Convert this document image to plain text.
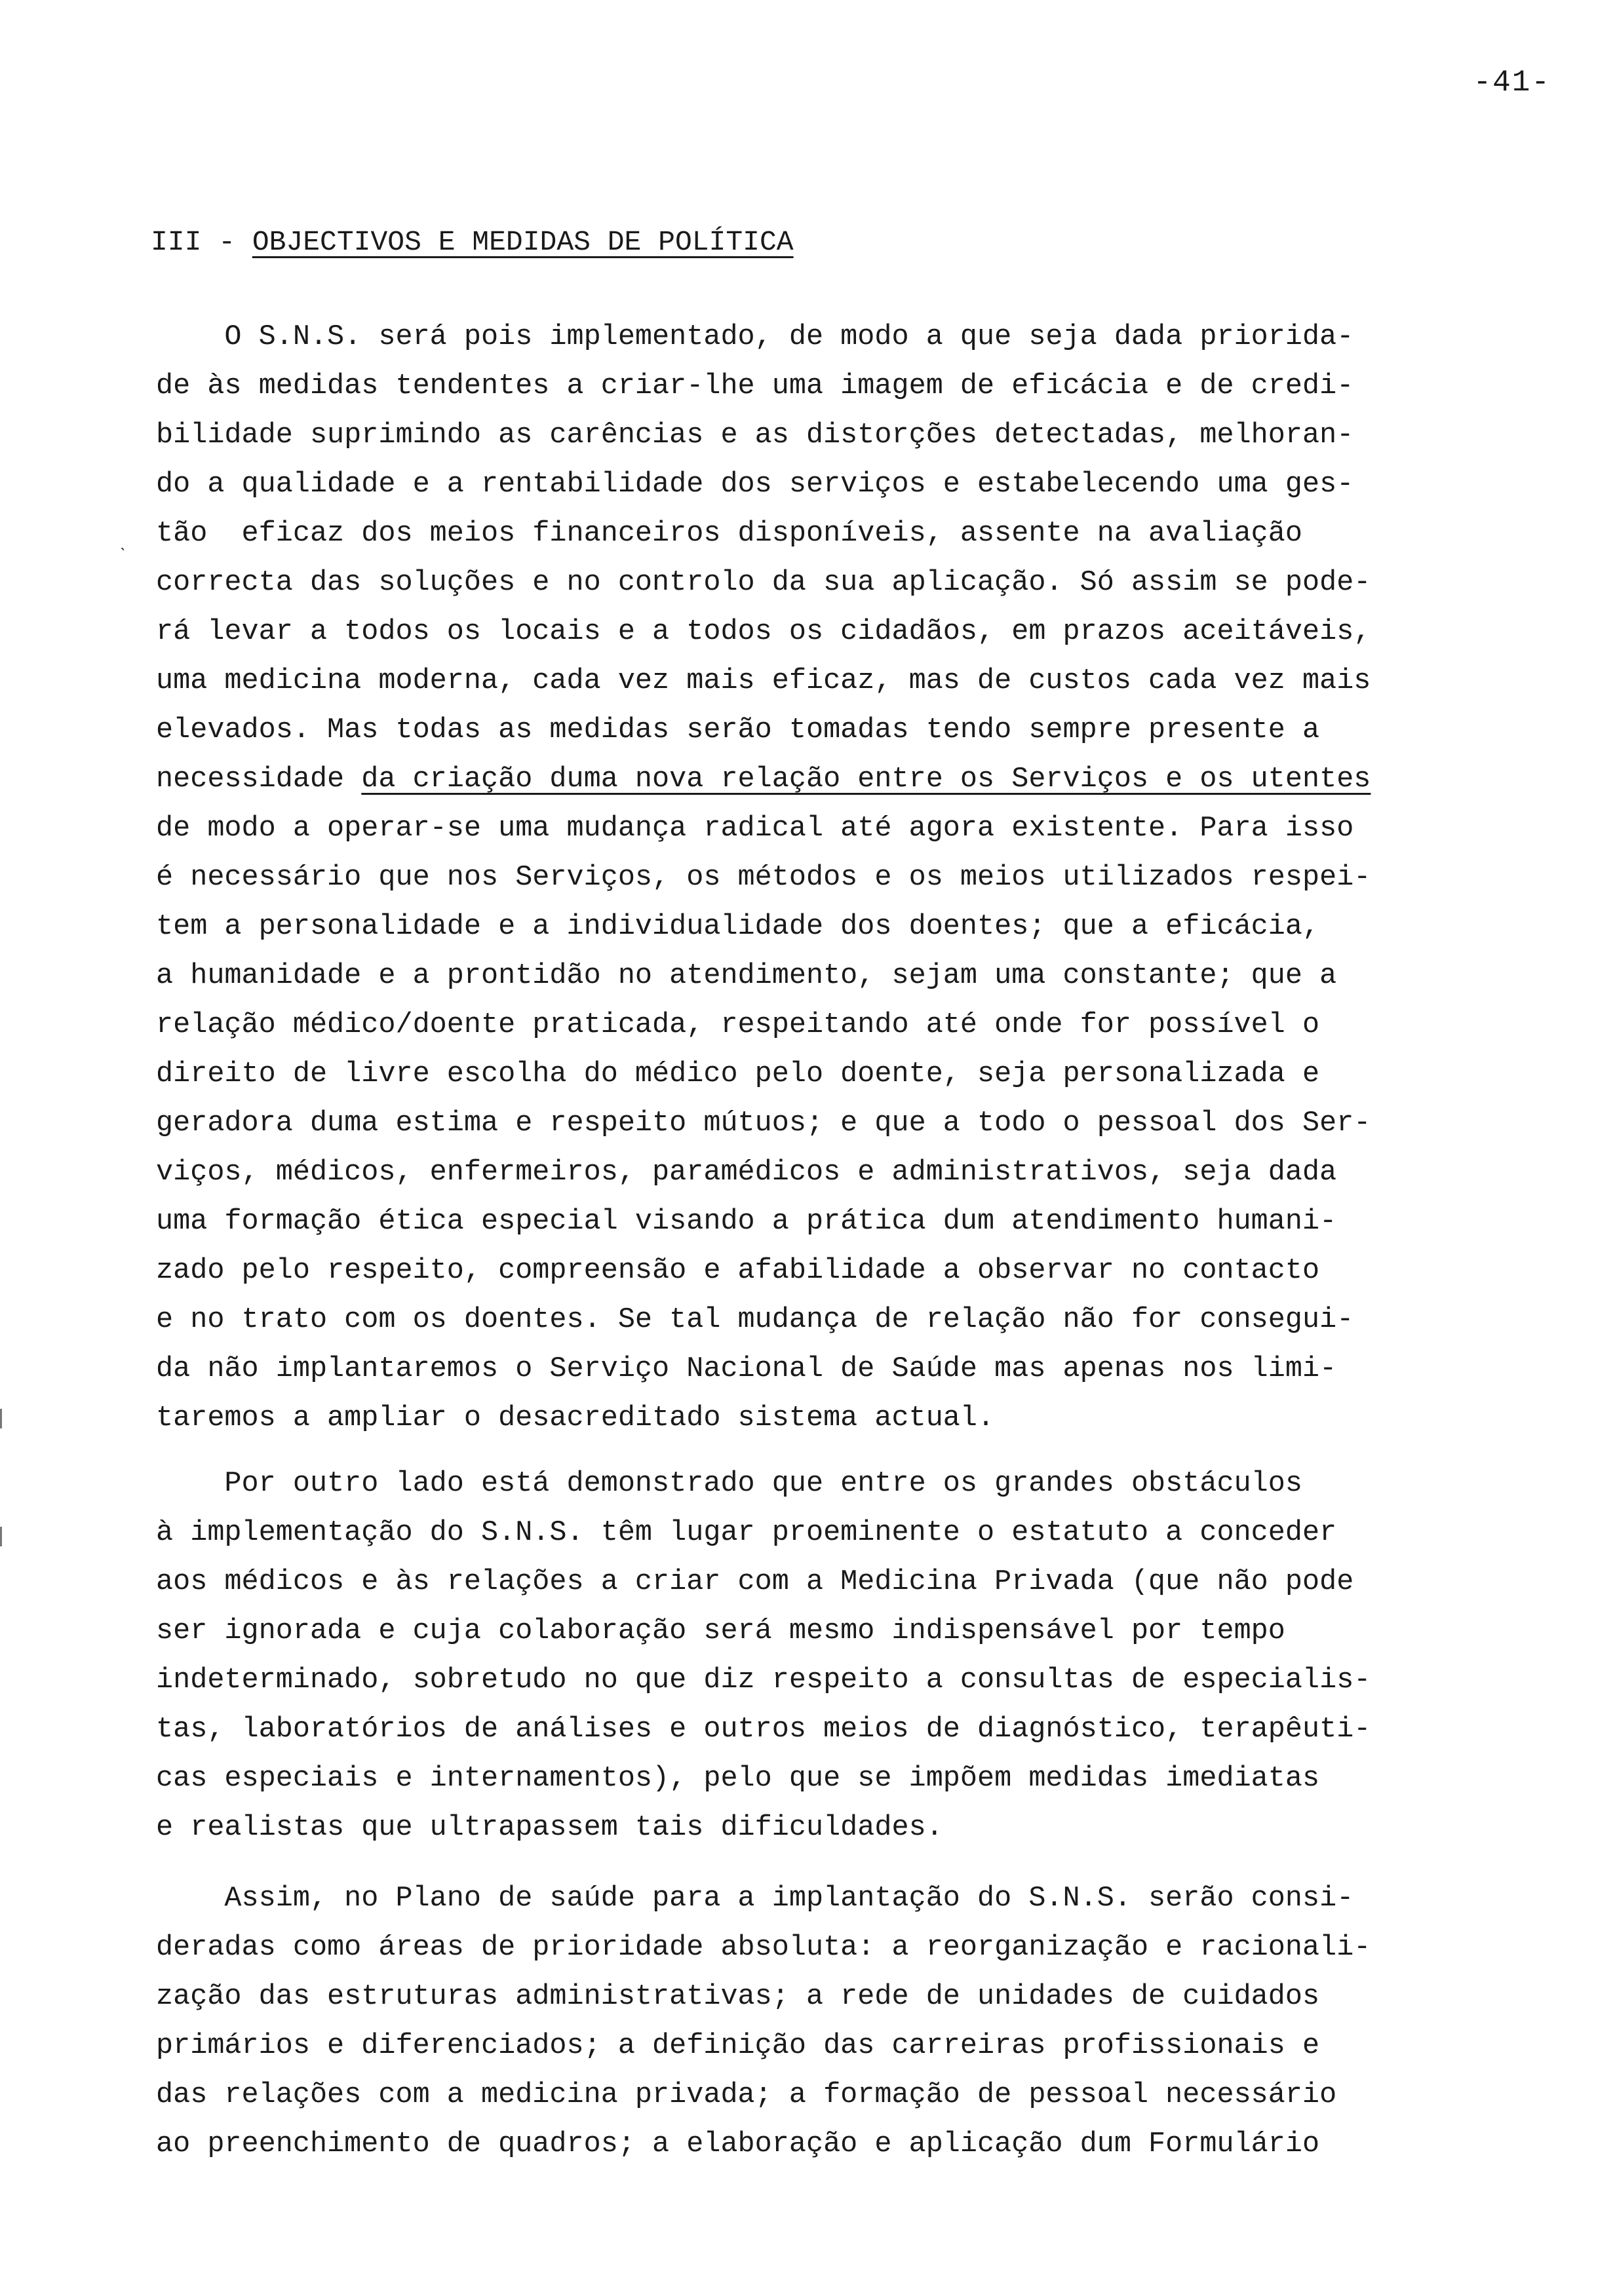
-41-
III - OBJECTIVOS E MEDIDAS DE POLÍTICA
ˎ
O S.N.S. será pois implementado, de modo a que seja dada priorida-
de às medidas tendentes a criar-lhe uma imagem de eficácia e de credi-
bilidade suprimindo as carências e as distorções detectadas, melhoran-
do a qualidade e a rentabilidade dos serviços e estabelecendo uma ges-
tão  eficaz dos meios financeiros disponíveis, assente na avaliação
correcta das soluções e no controlo da sua aplicação. Só assim se pode-
rá levar a todos os locais e a todos os cidadãos, em prazos aceitáveis,
uma medicina moderna, cada vez mais eficaz, mas de custos cada vez mais
elevados. Mas todas as medidas serão tomadas tendo sempre presente a
necessidade da criação duma nova relação entre os Serviços e os utentes
de modo a operar-se uma mudança radical até agora existente. Para isso
é necessário que nos Serviços, os métodos e os meios utilizados respei-
tem a personalidade e a individualidade dos doentes; que a eficácia,
a humanidade e a prontidão no atendimento, sejam uma constante; que a
relação médico/doente praticada, respeitando até onde for possível o
direito de livre escolha do médico pelo doente, seja personalizada e
geradora duma estima e respeito mútuos; e que a todo o pessoal dos Ser-
viços, médicos, enfermeiros, paramédicos e administrativos, seja dada
uma formação ética especial visando a prática dum atendimento humani-
zado pelo respeito, compreensão e afabilidade a observar no contacto
e no trato com os doentes. Se tal mudança de relação não for consegui-
da não implantaremos o Serviço Nacional de Saúde mas apenas nos limi-
taremos a ampliar o desacreditado sistema actual.
Por outro lado está demonstrado que entre os grandes obstáculos
à implementação do S.N.S. têm lugar proeminente o estatuto a conceder
aos médicos e às relações a criar com a Medicina Privada (que não pode
ser ignorada e cuja colaboração será mesmo indispensável por tempo
indeterminado, sobretudo no que diz respeito a consultas de especialis-
tas, laboratórios de análises e outros meios de diagnóstico, terapêuti-
cas especiais e internamentos), pelo que se impõem medidas imediatas
e realistas que ultrapassem tais dificuldades.
Assim, no Plano de saúde para a implantação do S.N.S. serão consi-
deradas como áreas de prioridade absoluta: a reorganização e racionali-
zação das estruturas administrativas; a rede de unidades de cuidados
primários e diferenciados; a definição das carreiras profissionais e
das relações com a medicina privada; a formação de pessoal necessário
ao preenchimento de quadros; a elaboração e aplicação dum Formulário
